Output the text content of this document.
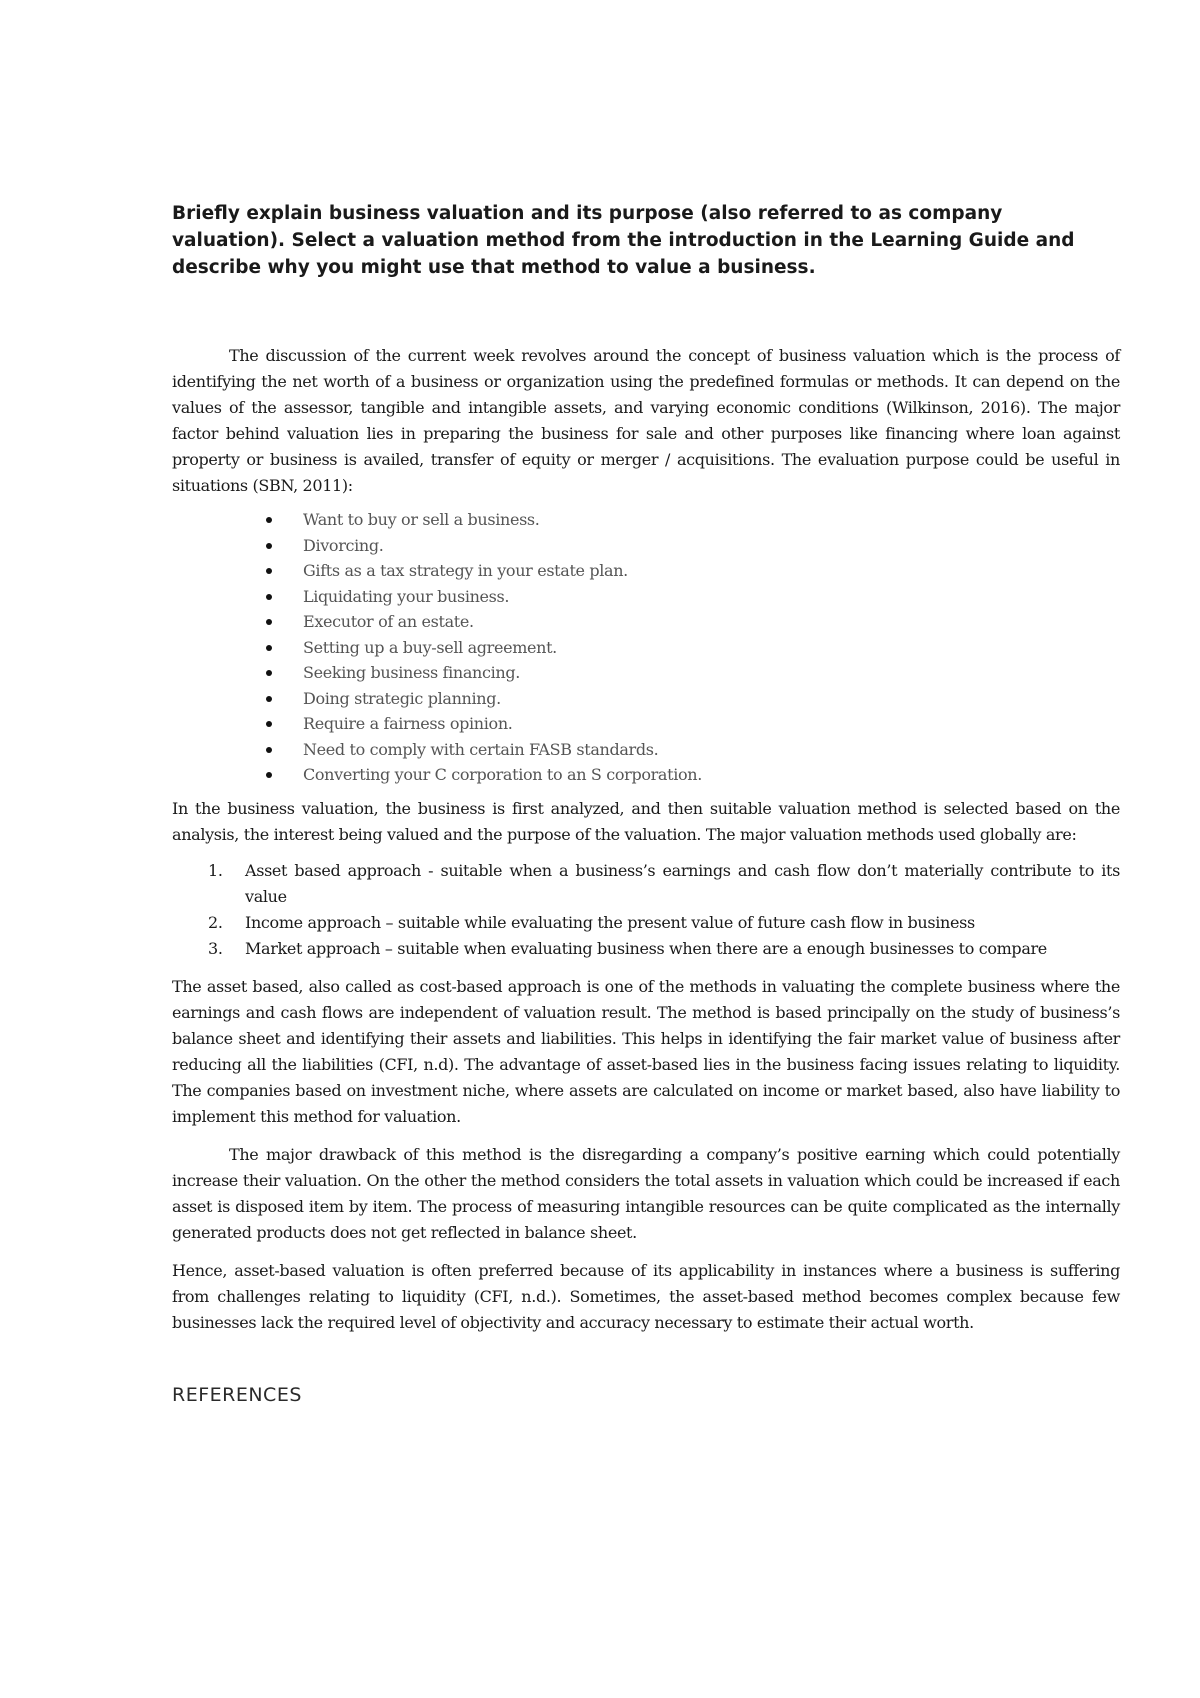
Briefly explain business valuation and its purpose (also referred to as company valuation). Select a valuation method from the introduction in the Learning Guide and describe why you might use that method to value a business.

The discussion of the current week revolves around the concept of business valuation which is the process of identifying the net worth of a business or organization using the predefined formulas or methods. It can depend on the values of the assessor, tangible and intangible assets, and varying economic conditions (Wilkinson, 2016). The major factor behind valuation lies in preparing the business for sale and other purposes like financing where loan against property or business is availed, transfer of equity or merger / acquisitions. The evaluation purpose could be useful in situations (SBN, 2011):

Want to buy or sell a business.
Divorcing.
Gifts as a tax strategy in your estate plan.
Liquidating your business.
Executor of an estate.
Setting up a buy-sell agreement.
Seeking business financing.
Doing strategic planning.
Require a fairness opinion.
Need to comply with certain FASB standards.
Converting your C corporation to an S corporation.

In the business valuation, the business is first analyzed, and then suitable valuation method is selected based on the analysis, the interest being valued and the purpose of the valuation. The major valuation methods used globally are:

1. Asset based approach - suitable when a business’s earnings and cash flow don’t materially contribute to its value
2. Income approach – suitable while evaluating the present value of future cash flow in business
3. Market approach – suitable when evaluating business when there are a enough businesses to compare

The asset based, also called as cost-based approach is one of the methods in valuating the complete business where the earnings and cash flows are independent of valuation result. The method is based principally on the study of business’s balance sheet and identifying their assets and liabilities. This helps in identifying the fair market value of business after reducing all the liabilities (CFI, n.d). The advantage of asset-based lies in the business facing issues relating to liquidity. The companies based on investment niche, where assets are calculated on income or market based, also have liability to implement this method for valuation.

The major drawback of this method is the disregarding a company’s positive earning which could potentially increase their valuation. On the other the method considers the total assets in valuation which could be increased if each asset is disposed item by item. The process of measuring intangible resources can be quite complicated as the internally generated products does not get reflected in balance sheet.

Hence, asset-based valuation is often preferred because of its applicability in instances where a business is suffering from challenges relating to liquidity (CFI, n.d.). Sometimes, the asset-based method becomes complex because few businesses lack the required level of objectivity and accuracy necessary to estimate their actual worth.

REFERENCES
